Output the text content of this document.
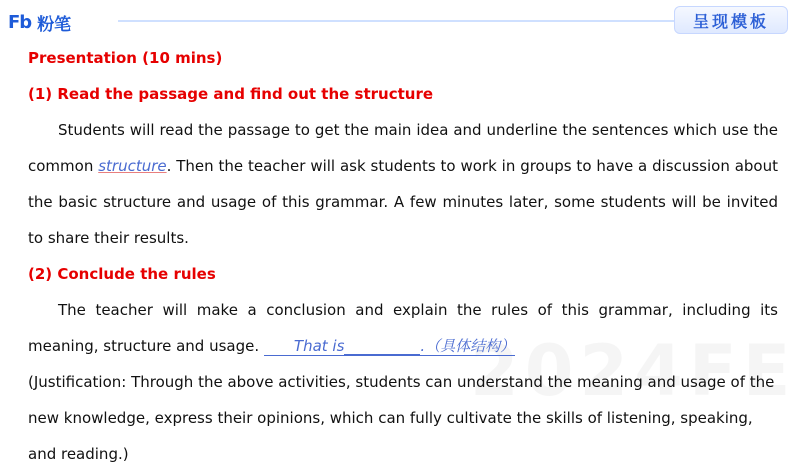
Fb 粉笔	呈现模板
Presentation (10 mins)
(1) Read the passage and find out the structure
Students will read the passage to get the main idea and underline the sentences which use the common structure. Then the teacher will ask students to work in groups to have a discussion about the basic structure and usage of this grammar. A few minutes later, some students will be invited to share their results.
(2) Conclude the rules
The teacher will make a conclusion and explain the rules of this grammar, including its meaning, structure and usage. That is	.（具体结构）
(Justification: Through the above activities, students can understand the meaning and usage of the new knowledge, express their opinions, which can fully cultivate the skills of listening, speaking, and reading.)
